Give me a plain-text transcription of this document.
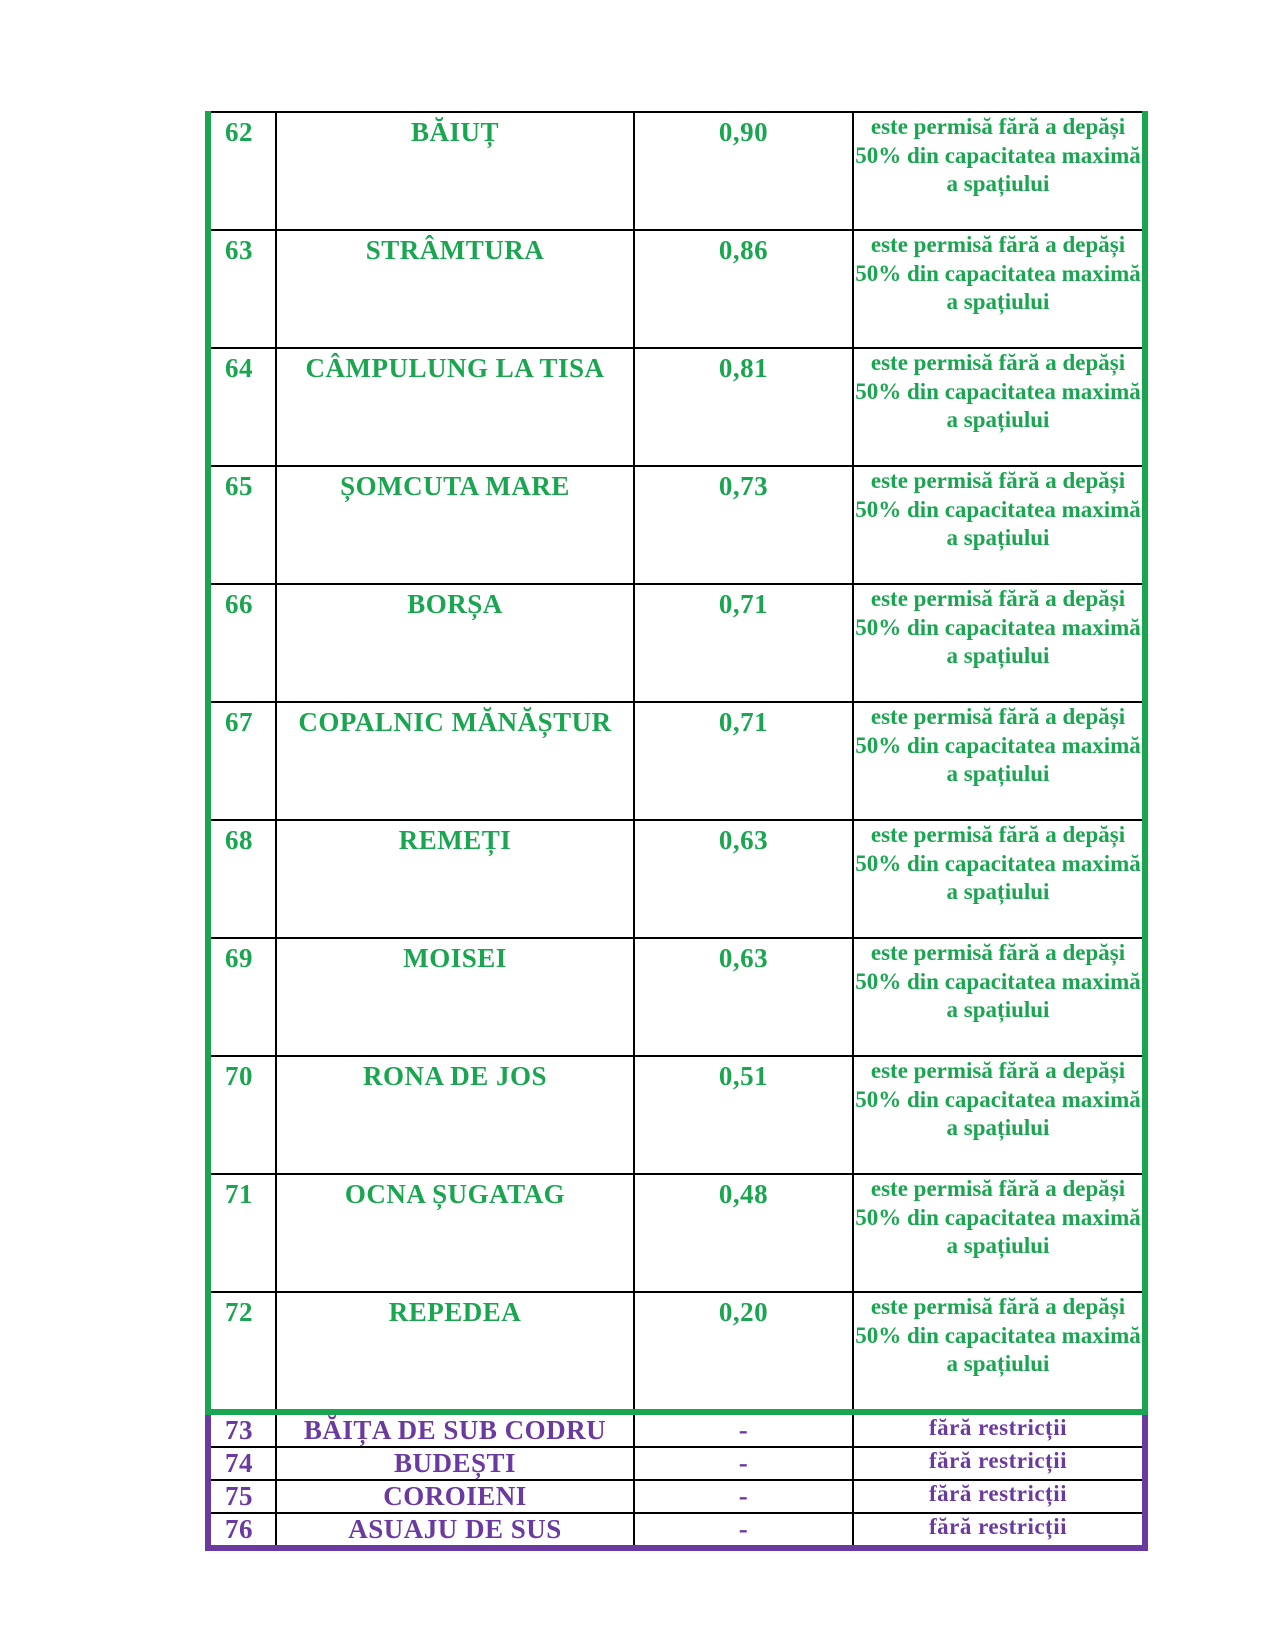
62	BĂIUȚ	0,90	este permisă fără a depăși 50% din capacitatea maximă a spațiului
63	STRÂMTURA	0,86	este permisă fără a depăși 50% din capacitatea maximă a spațiului
64	CÂMPULUNG LA TISA	0,81	este permisă fără a depăși 50% din capacitatea maximă a spațiului
65	ȘOMCUTA MARE	0,73	este permisă fără a depăși 50% din capacitatea maximă a spațiului
66	BORȘA	0,71	este permisă fără a depăși 50% din capacitatea maximă a spațiului
67	COPALNIC MĂNĂȘTUR	0,71	este permisă fără a depăși 50% din capacitatea maximă a spațiului
68	REMEȚI	0,63	este permisă fără a depăși 50% din capacitatea maximă a spațiului
69	MOISEI	0,63	este permisă fără a depăși 50% din capacitatea maximă a spațiului
70	RONA DE JOS	0,51	este permisă fără a depăși 50% din capacitatea maximă a spațiului
71	OCNA ȘUGATAG	0,48	este permisă fără a depăși 50% din capacitatea maximă a spațiului
72	REPEDEA	0,20	este permisă fără a depăși 50% din capacitatea maximă a spațiului
73	BĂIȚA DE SUB CODRU	-	fără restricții
74	BUDEȘTI	-	fără restricții
75	COROIENI	-	fără restricții
76	ASUAJU DE SUS	-	fără restricții
